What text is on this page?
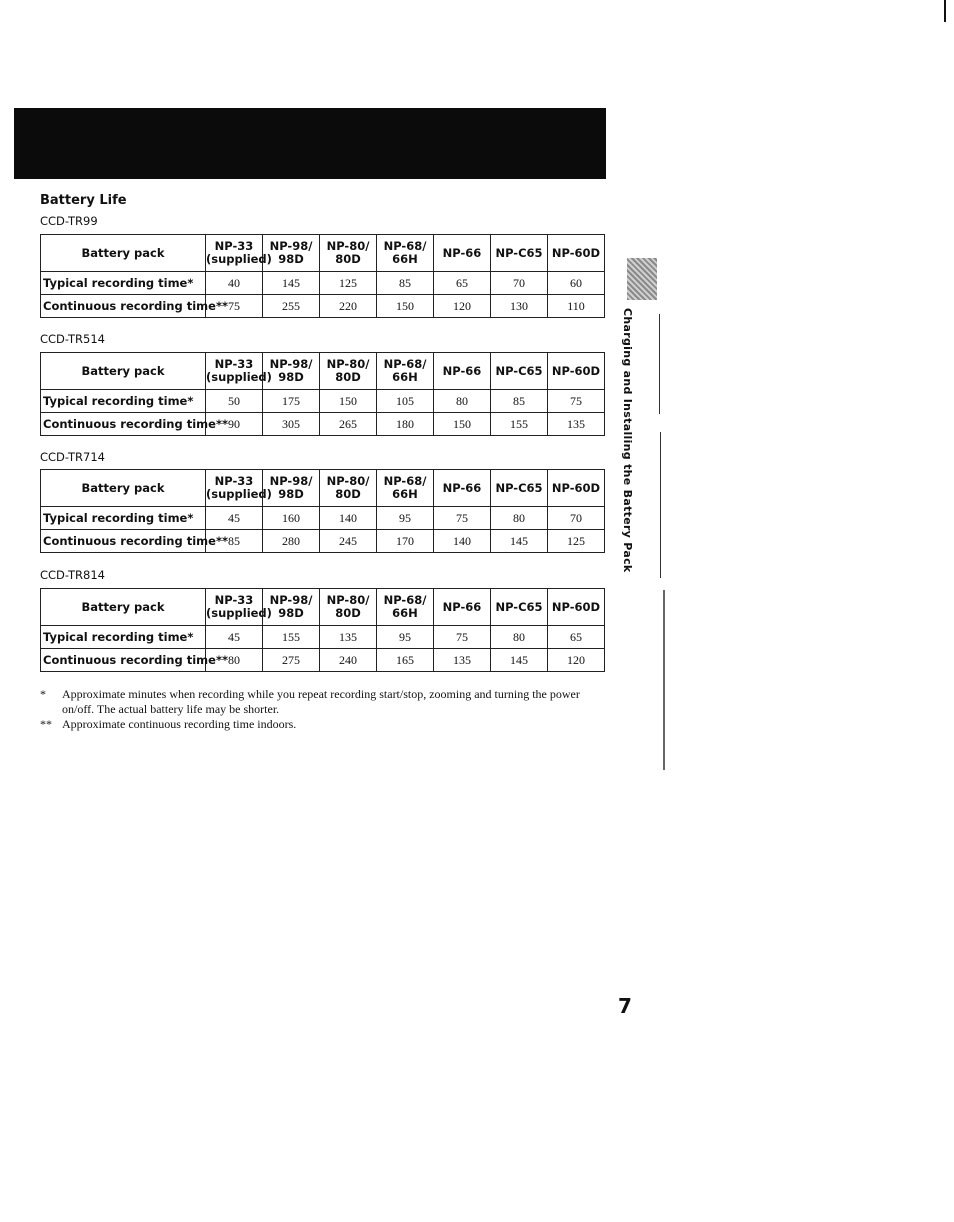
Battery Life
CCD-TR99
Battery pack	NP-33 (supplied)	NP-98/ 98D	NP-80/ 80D	NP-68/ 66H	NP-66	NP-C65	NP-60D
Typical recording time*	40	145	125	85	65	70	60
Continuous recording time**	75	255	220	150	120	130	110
CCD-TR514
Battery pack	NP-33 (supplied)	NP-98/ 98D	NP-80/ 80D	NP-68/ 66H	NP-66	NP-C65	NP-60D
Typical recording time*	50	175	150	105	80	85	75
Continuous recording time**	90	305	265	180	150	155	135
CCD-TR714
Battery pack	NP-33 (supplied)	NP-98/ 98D	NP-80/ 80D	NP-68/ 66H	NP-66	NP-C65	NP-60D
Typical recording time*	45	160	140	95	75	80	70
Continuous recording time**	85	280	245	170	140	145	125
CCD-TR814
Battery pack	NP-33 (supplied)	NP-98/ 98D	NP-80/ 80D	NP-68/ 66H	NP-66	NP-C65	NP-60D
Typical recording time*	45	155	135	95	75	80	65
Continuous recording time**	80	275	240	165	135	145	120
*	Approximate minutes when recording while you repeat recording start/stop, zooming and turning the power on/off. The actual battery life may be shorter.
** Approximate continuous recording time indoors.
Charging and Installing the Battery Pack
7
